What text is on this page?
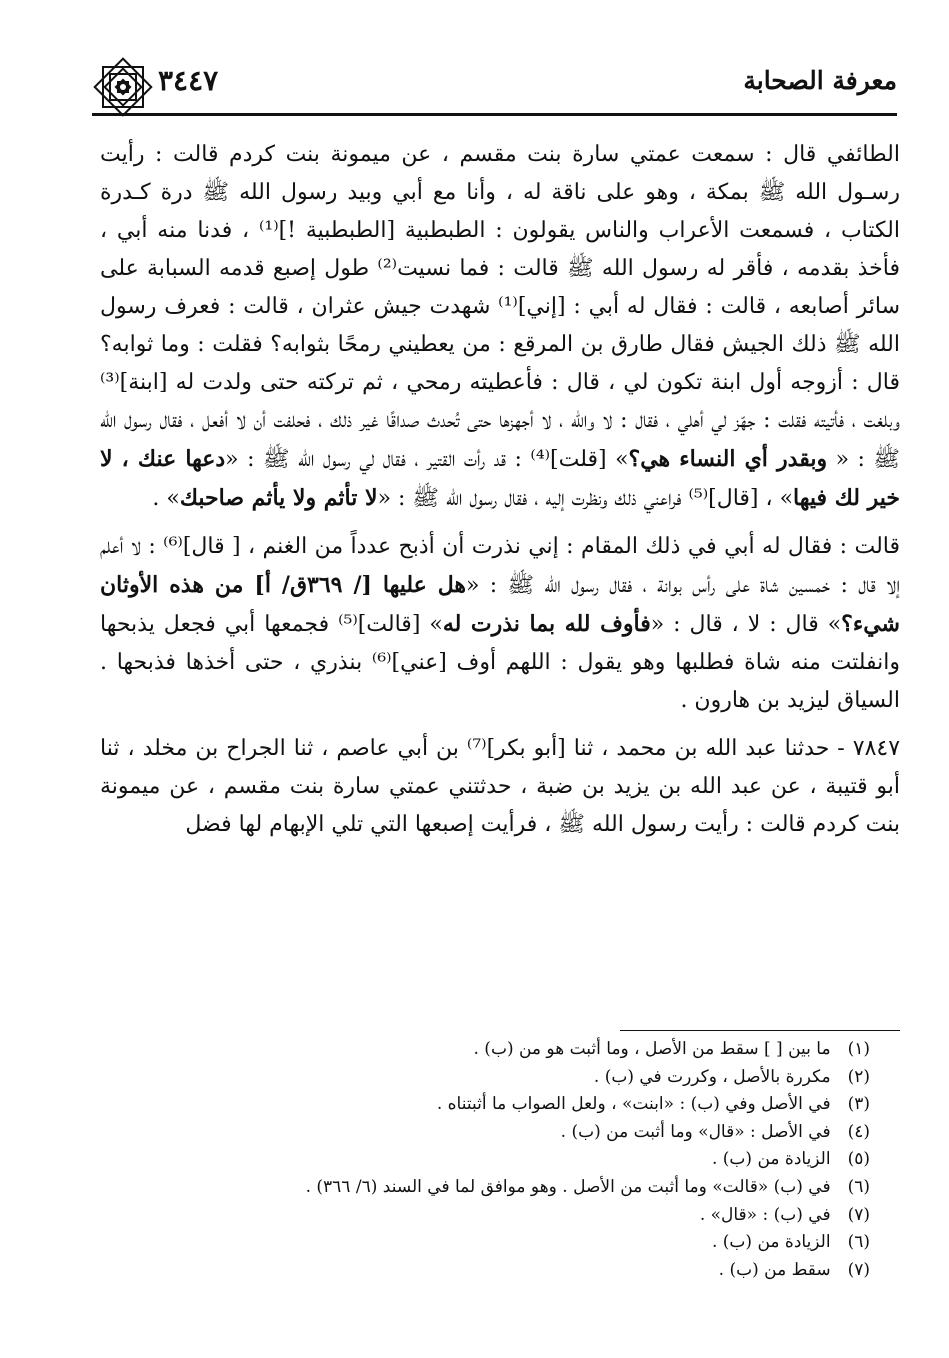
٣٤٤٧	معرفة الصحابة

الطائفي قال : سمعت عمتي سارة بنت مقسم ، عن ميمونة بنت كردم قالت : رأيت رسـول الله ﷺ بمكة ، وهو على ناقة له ، وأنا مع أبي وبيد رسول الله ﷺ درة كـدرة الكتاب ، فسمعت الأعراب والناس يقولون : الطبطبية [الطبطبية !]⁽¹⁾ ، فدنا منه أبي ، فأخذ بقدمه ، فأقر له رسول الله ﷺ قالت : فما نسيت⁽²⁾ طول إصبع قدمه السبابة على سائر أصابعه ، قالت : فقال له أبي : [إني]⁽¹⁾ شهدت جيش عثران ، قالت : فعرف رسول الله ﷺ ذلك الجيش فقال طارق بن المرقع : من يعطيني رمحًا بثوابه؟ فقلت : وما ثوابه؟ قال : أزوجه أول ابنة تكون لي ، قال : فأعطيته رمحي ، ثم تركته حتى ولدت له [ابنة]⁽³⁾ وبلغت ، فأتيته فقلت : جهّز لي أهلي ، فقال : لا والله ، لا أجهزها حتى تُحدث صداقًا غير ذلك ، فحلفت أن لا أفعل ، فقال رسول الله ﷺ : « وبقدر أي النساء هي؟» [قلت]⁽⁴⁾ : قد رأت القتير ، فقال لي رسول الله ﷺ : «دعها عنك ، لا خير لك فيها» ، [قال]⁽⁵⁾ فراعني ذلك ونظرت إليه ، فقال رسول الله ﷺ : «لا تأثم ولا يأثم صاحبك» .

قالت : فقال له أبي في ذلك المقام : إني نذرت أن أذبح عدداً من الغنم ، [ قال]⁽⁶⁾ : لا أعلم إلا قال : خمسين شاة على رأس بوانة ، فقال رسول الله ﷺ : «هل عليها [/ ٣٦٩ق/ أ] من هذه الأوثان شيء؟» قال : لا ، قال : «فأوف لله بما نذرت له» [قالت]⁽⁵⁾ فجمعها أبي فجعل يذبحها وانفلتت منه شاة فطلبها وهو يقول : اللهم أوف [عني]⁽⁶⁾ بنذري ، حتى أخذها فذبحها . السياق ليزيد بن هارون .

٧٨٤٧ - حدثنا عبد الله بن محمد ، ثنا [أبو بكر]⁽⁷⁾ بن أبي عاصم ، ثنا الجراح بن مخلد ، ثنا أبو قتيبة ، عن عبد الله بن يزيد بن ضبة ، حدثتني عمتي سارة بنت مقسم ، عن ميمونة بنت كردم قالت : رأيت رسول الله ﷺ ، فرأيت إصبعها التي تلي الإبهام لها فضل

(١) ما بين [ ] سقط من الأصل ، وما أثبت هو من (ب) .
(٢) مكررة بالأصل ، وكررت في (ب) .
(٣) في الأصل وفي (ب) : «ابنت» ، ولعل الصواب ما أثبتناه .
(٤) في الأصل : «قال» وما أثبت من (ب) .
(٥) الزيادة من (ب) .
(٦) في (ب) «قالت» وما أثبت من الأصل . وهو موافق لما في السند (٦/ ٣٦٦) .
(٧) في (ب) : «قال» .
(٦) الزيادة من (ب) .
(٧) سقط من (ب) .
